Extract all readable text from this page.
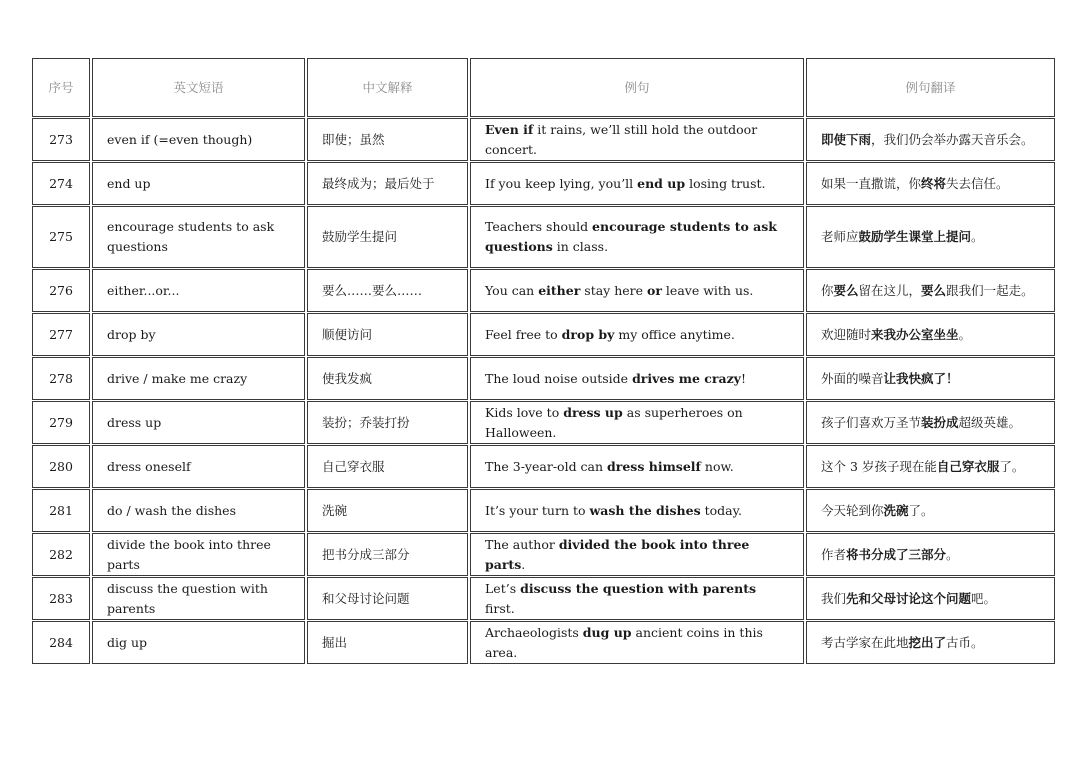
序号	英文短语	中文解释	例句	例句翻译
273	even if (=even though)	即使；虽然	Even if it rains, we’ll still hold the outdoor concert.	即使下雨，我们仍会举办露天音乐会。
274	end up	最终成为；最后处于	If you keep lying, you’ll end up losing trust.	如果一直撒谎，你终将失去信任。
275	encourage students to ask questions	鼓励学生提问	Teachers should encourage students to ask questions in class.	老师应鼓励学生课堂上提问。
276	either...or...	要么……要么……	You can either stay here or leave with us.	你要么留在这儿，要么跟我们一起走。
277	drop by	顺便访问	Feel free to drop by my office anytime.	欢迎随时来我办公室坐坐。
278	drive / make me crazy	使我发疯	The loud noise outside drives me crazy!	外面的噪音让我快疯了！
279	dress up	装扮；乔装打扮	Kids love to dress up as superheroes on Halloween.	孩子们喜欢万圣节装扮成超级英雄。
280	dress oneself	自己穿衣服	The 3-year-old can dress himself now.	这个 3 岁孩子现在能自己穿衣服了。
281	do / wash the dishes	洗碗	It’s your turn to wash the dishes today.	今天轮到你洗碗了。
282	divide the book into three parts	把书分成三部分	The author divided the book into three parts.	作者将书分成了三部分。
283	discuss the question with parents	和父母讨论问题	Let’s discuss the question with parents first.	我们先和父母讨论这个问题吧。
284	dig up	掘出	Archaeologists dug up ancient coins in this area.	考古学家在此地挖出了古币。
